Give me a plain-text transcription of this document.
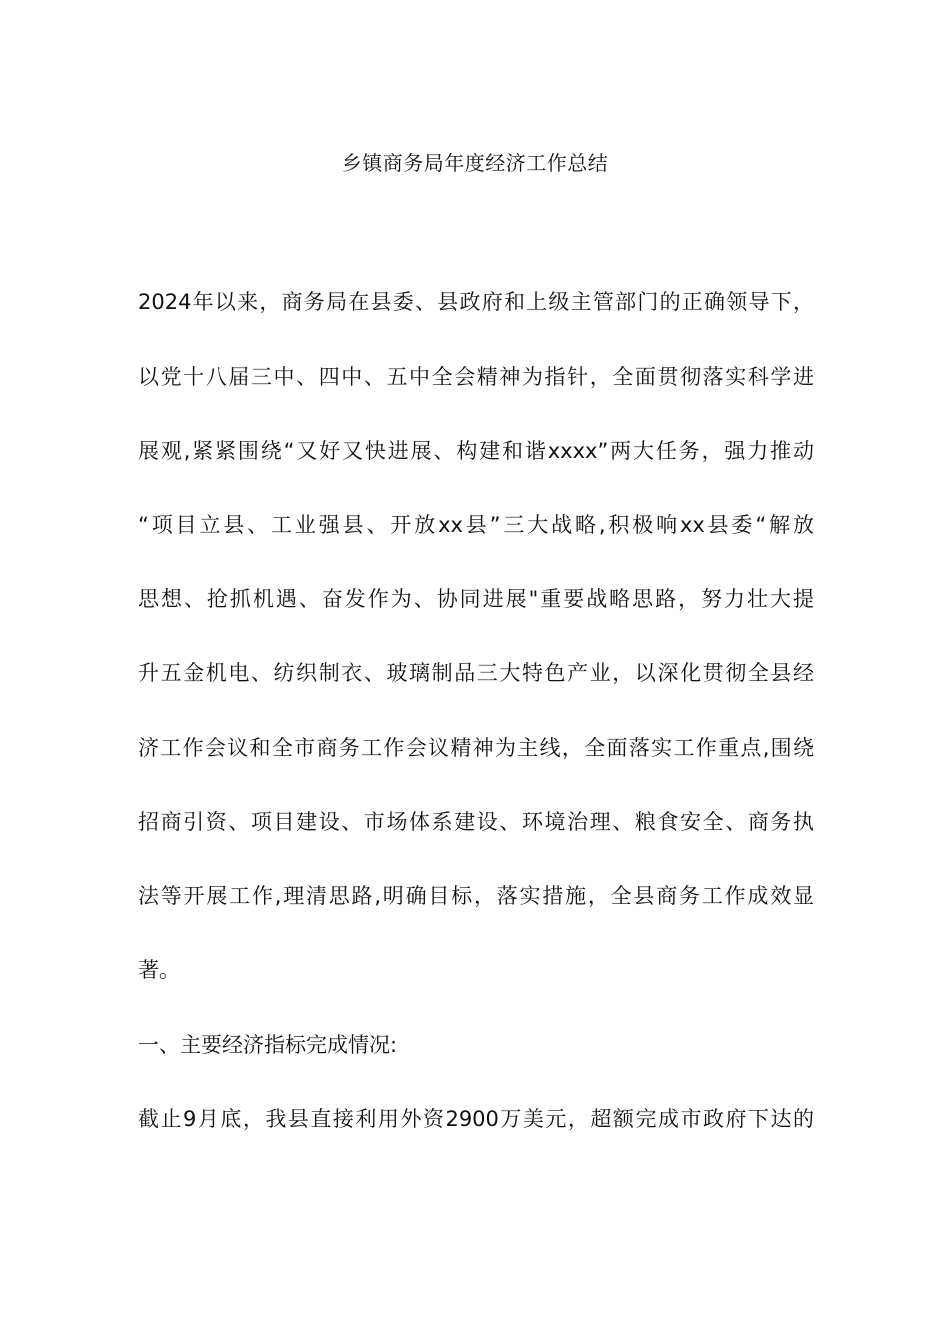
乡镇商务局年度经济工作总结
2024年以来，商务局在县委、县政府和上级主管部门的正确领导下，
以党十八届三中、四中、五中全会精神为指针，全面贯彻落实科学进
展观,紧紧围绕“又好又快进展、构建和谐xxxx”两大任务，强力推动
“项目立县、工业强县、开放xx县”三大战略,积极响xx县委“解放
思想、抢抓机遇、奋发作为、协同进展"重要战略思路，努力壮大提
升五金机电、纺织制衣、玻璃制品三大特色产业，以深化贯彻全县经
济工作会议和全市商务工作会议精神为主线，全面落实工作重点,围绕
招商引资、项目建设、市场体系建设、环境治理、粮食安全、商务执
法等开展工作,理清思路,明确目标，落实措施，全县商务工作成效显
著。
一、主要经济指标完成情况:
截止9月底，我县直接利用外资2900万美元，超额完成市政府下达的
